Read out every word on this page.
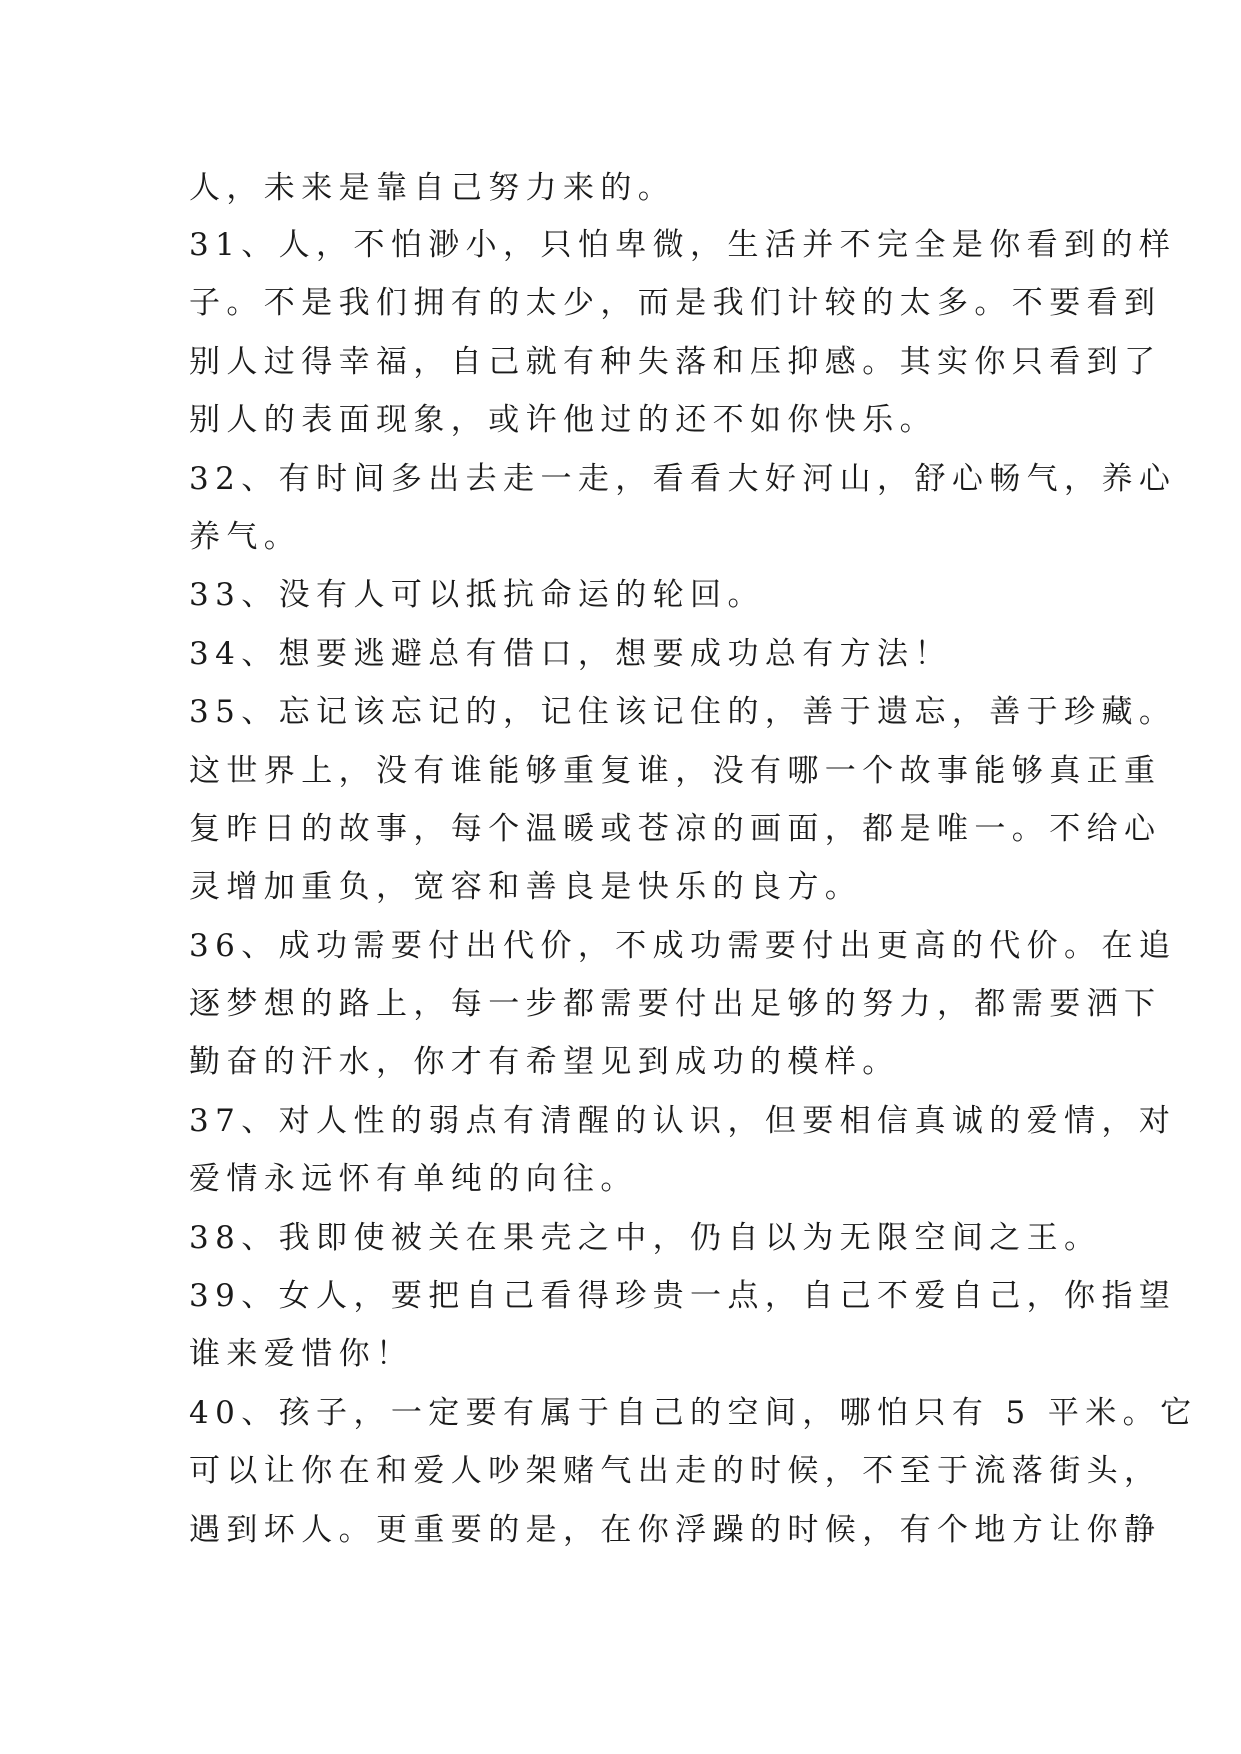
人，未来是靠自己努力来的。
31、人，不怕渺小，只怕卑微，生活并不完全是你看到的样
子。不是我们拥有的太少，而是我们计较的太多。不要看到
别人过得幸福，自己就有种失落和压抑感。其实你只看到了
别人的表面现象，或许他过的还不如你快乐。
32、有时间多出去走一走，看看大好河山，舒心畅气，养心
养气。
33、没有人可以抵抗命运的轮回。
34、想要逃避总有借口，想要成功总有方法！
35、忘记该忘记的，记住该记住的，善于遗忘，善于珍藏。
这世界上，没有谁能够重复谁，没有哪一个故事能够真正重
复昨日的故事，每个温暖或苍凉的画面，都是唯一。不给心
灵增加重负，宽容和善良是快乐的良方。
36、成功需要付出代价，不成功需要付出更高的代价。在追
逐梦想的路上，每一步都需要付出足够的努力，都需要洒下
勤奋的汗水，你才有希望见到成功的模样。
37、对人性的弱点有清醒的认识，但要相信真诚的爱情，对
爱情永远怀有单纯的向往。
38、我即使被关在果壳之中，仍自以为无限空间之王。
39、女人，要把自己看得珍贵一点，自己不爱自己，你指望
谁来爱惜你！
40、孩子，一定要有属于自己的空间，哪怕只有 5 平米。它
可以让你在和爱人吵架赌气出走的时候，不至于流落街头，
遇到坏人。更重要的是，在你浮躁的时候，有个地方让你静
